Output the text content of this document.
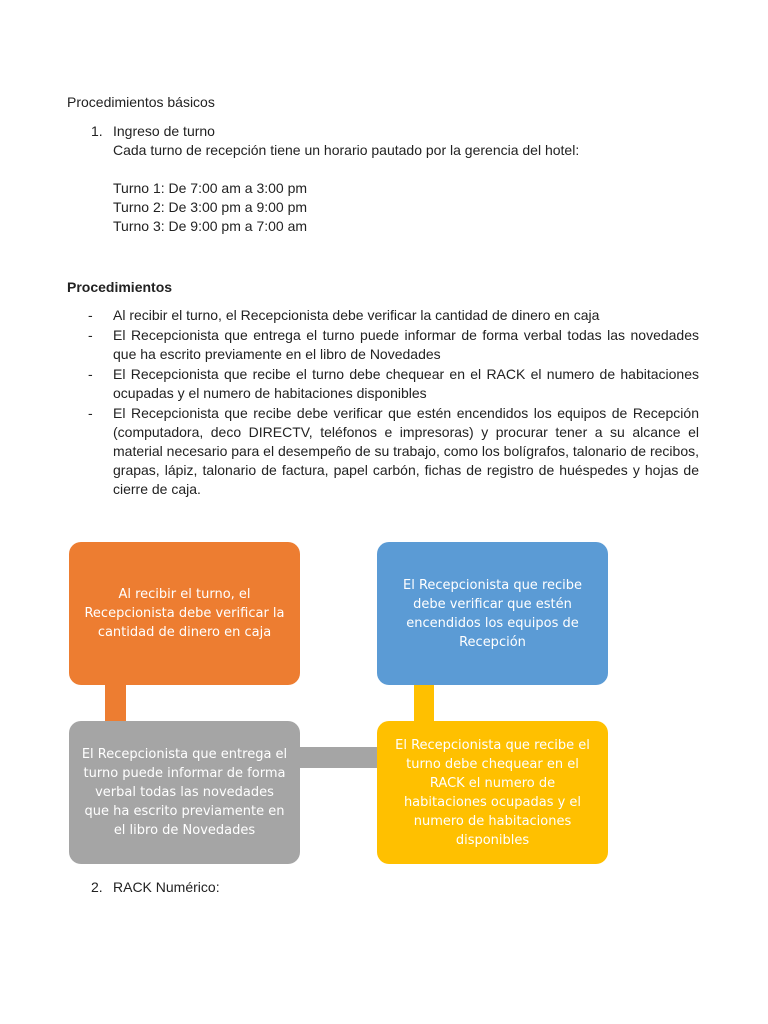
Procedimientos básicos
1. Ingreso de turno
Cada turno de recepción tiene un horario pautado por la gerencia del hotel:
Turno 1: De 7:00 am a 3:00 pm
Turno 2: De 3:00 pm a 9:00 pm
Turno 3: De 9:00 pm a 7:00 am
Procedimientos
- Al recibir el turno, el Recepcionista debe verificar la cantidad de dinero en caja
- El Recepcionista que entrega el turno puede informar de forma verbal todas las novedades que ha escrito previamente en el libro de Novedades
- El Recepcionista que recibe el turno debe chequear en el RACK el numero de habitaciones ocupadas y el numero de habitaciones disponibles
- El Recepcionista que recibe debe verificar que estén encendidos los equipos de Recepción (computadora, deco DIRECTV, teléfonos e impresoras) y procurar tener a su alcance el material necesario para el desempeño de su trabajo, como los bolígrafos, talonario de recibos, grapas, lápiz, talonario de factura, papel carbón, fichas de registro de huéspedes y hojas de cierre de caja.
Al recibir el turno, el Recepcionista debe verificar la cantidad de dinero en caja
El Recepcionista que recibe debe verificar que estén encendidos los equipos de Recepción
El Recepcionista que entrega el turno puede informar de forma verbal todas las novedades que ha escrito previamente en el libro de Novedades
El Recepcionista que recibe el turno debe chequear en el RACK el numero de habitaciones ocupadas y el numero de habitaciones disponibles
2. RACK Numérico:
